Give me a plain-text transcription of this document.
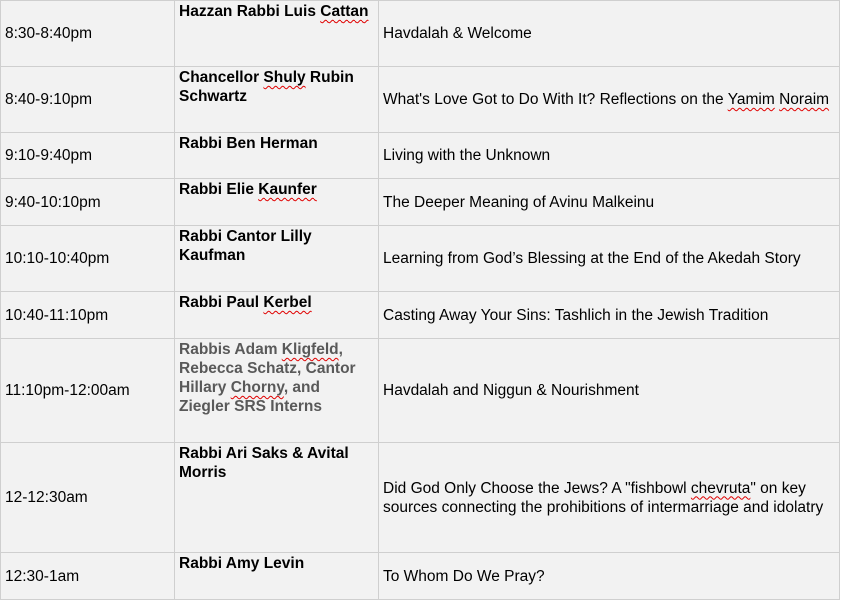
8:30-8:40pm	Hazzan Rabbi Luis Cattan	Havdalah & Welcome
8:40-9:10pm	Chancellor Shuly Rubin Schwartz	What's Love Got to Do With It? Reflections on the Yamim Noraim
9:10-9:40pm	Rabbi Ben Herman	Living with the Unknown
9:40-10:10pm	Rabbi Elie Kaunfer	The Deeper Meaning of Avinu Malkeinu
10:10-10:40pm	Rabbi Cantor Lilly Kaufman	Learning from God’s Blessing at the End of the Akedah Story
10:40-11:10pm	Rabbi Paul Kerbel	Casting Away Your Sins: Tashlich in the Jewish Tradition
11:10pm-12:00am	Rabbis Adam Kligfeld, Rebecca Schatz, Cantor Hillary Chorny, and Ziegler SRS Interns	Havdalah and Niggun & Nourishment
12-12:30am	Rabbi Ari Saks & Avital Morris	Did God Only Choose the Jews? A "fishbowl chevruta" on key sources connecting the prohibitions of intermarriage and idolatry
12:30-1am	Rabbi Amy Levin	To Whom Do We Pray?
